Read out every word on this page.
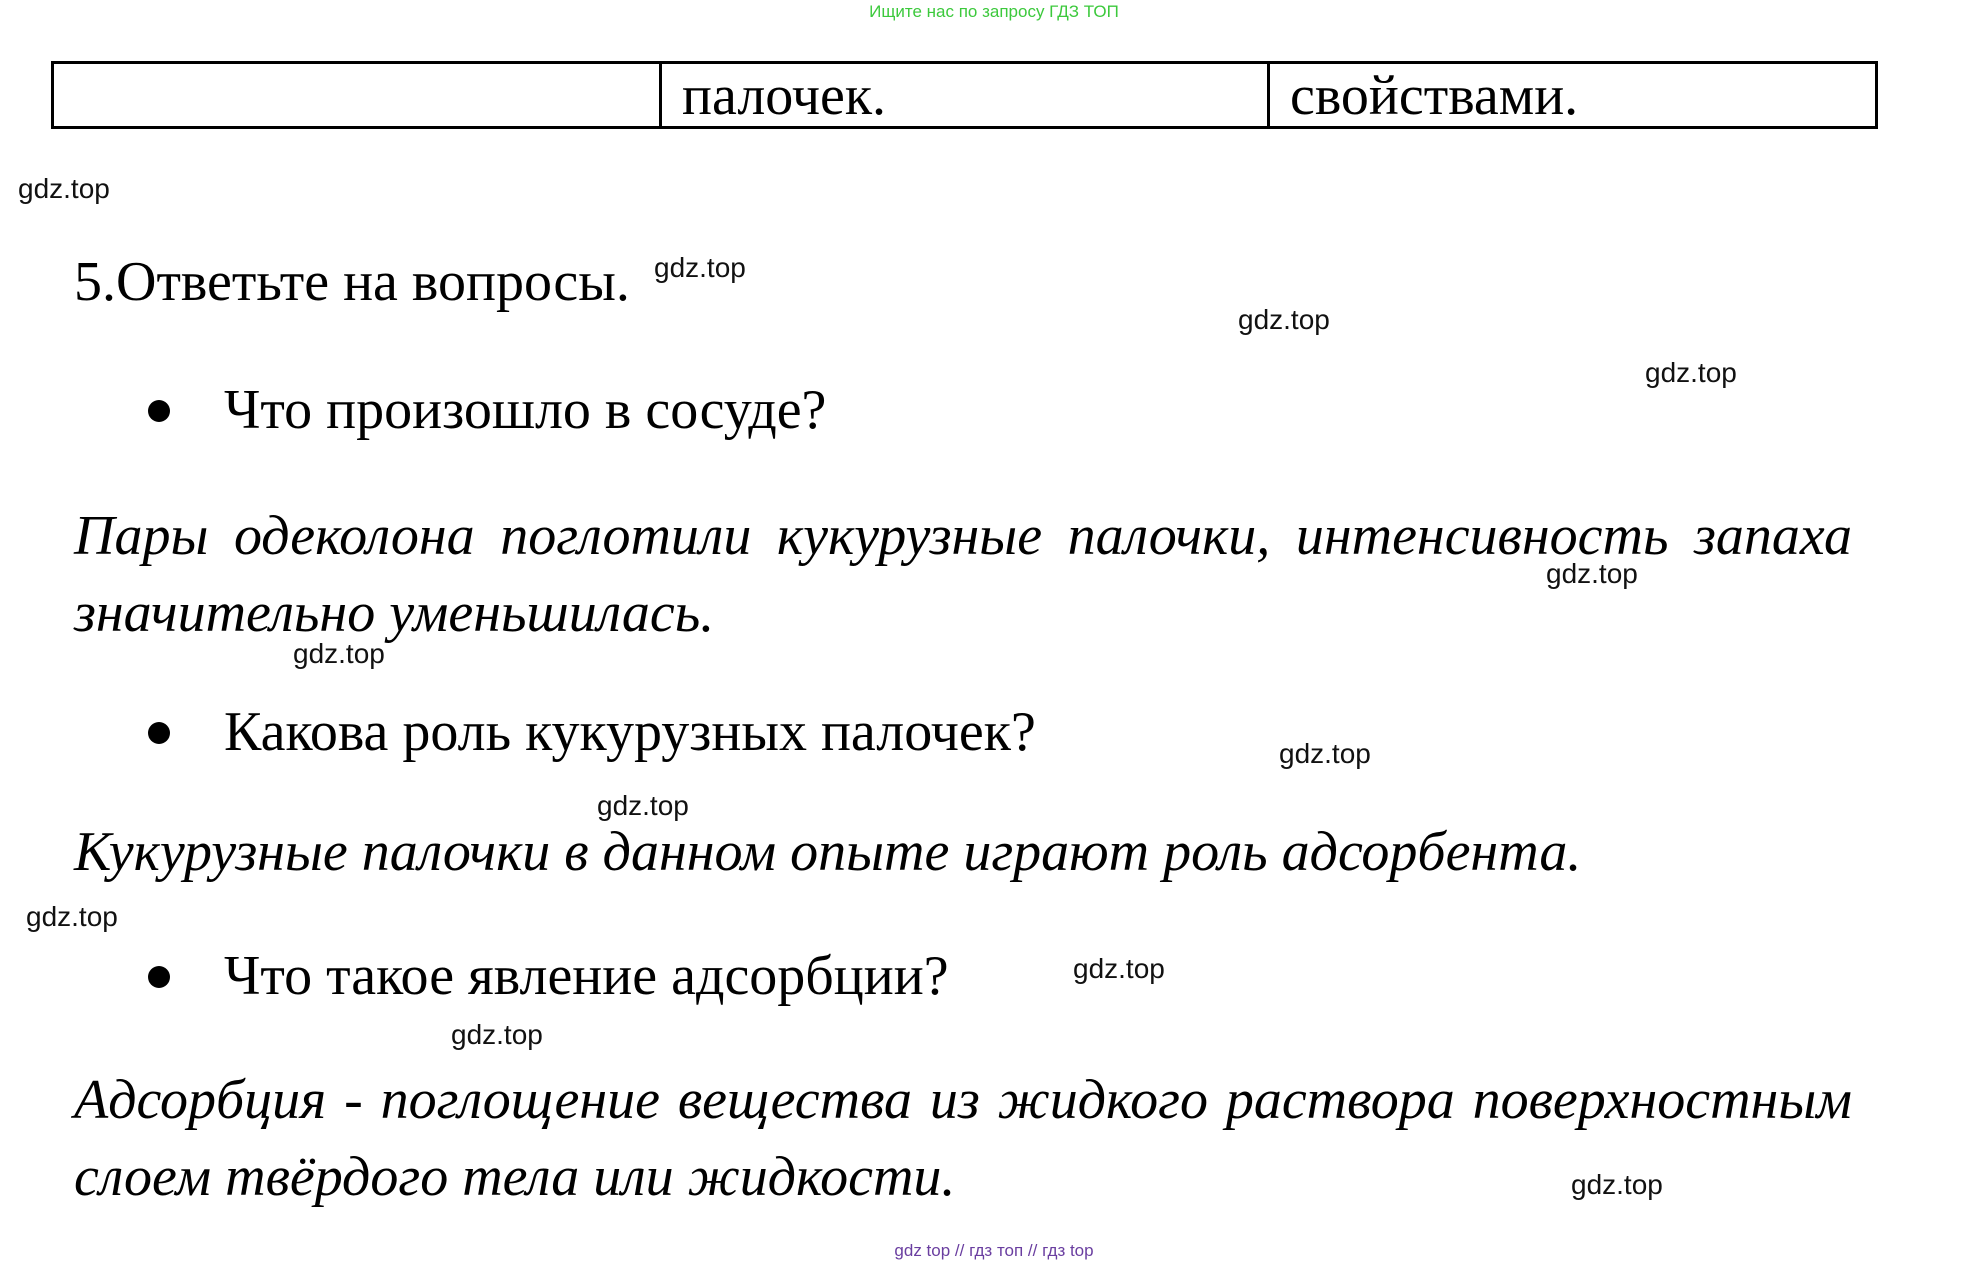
Ищите нас по запросу ГДЗ ТОП
палочек.	свойствами.
5.Ответьте на вопросы.
Что произошло в сосуде?
Пары одеколона поглотили кукурузные палочки, интенсивность запаха значительно уменьшилась.
Какова роль кукурузных палочек?
Кукурузные палочки в данном опыте играют роль адсорбента.
Что такое явление адсорбции?
Адсорбция - поглощение вещества из жидкого раствора поверхностным слоем твёрдого тела или жидкости.
gdz.top
gdz.top
gdz.top
gdz.top
gdz.top
gdz.top
gdz.top
gdz.top
gdz.top
gdz.top
gdz.top
gdz.top
gdz top // гдз топ // гдз top
